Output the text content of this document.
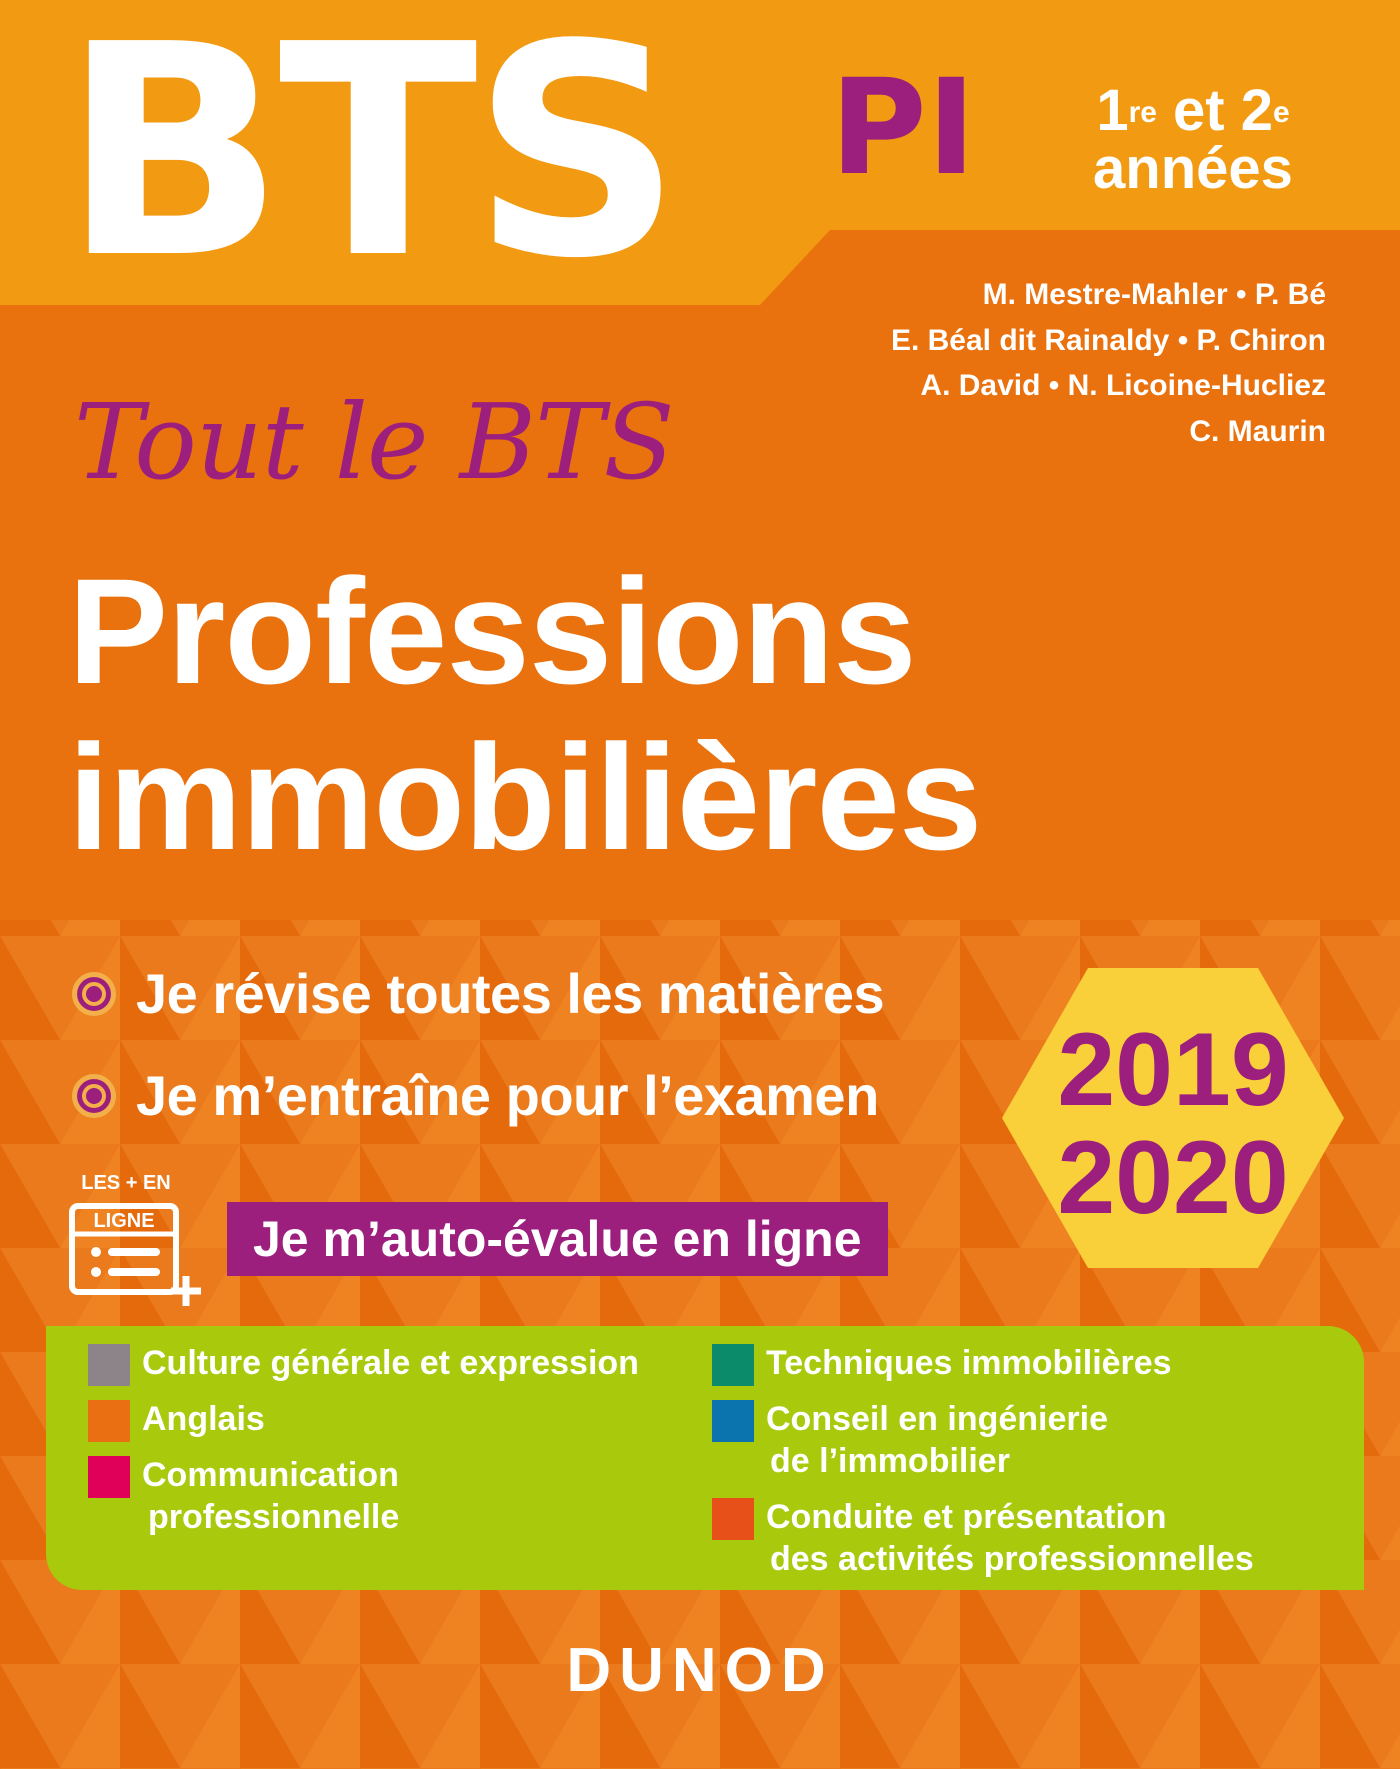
BTS PI	1re et 2e
années
M. Mestre-Mahler • P. Bé
E. Béal dit Rainaldy • P. Chiron
A. David • N. Licoine-Hucliez
C. Maurin
Tout le BTS
Professions
immobilières
Je révise toutes les matières
Je m’entraîne pour l’examen
LES + EN
LIGNE	Je m’auto-évalue en ligne
2019
2020
Culture générale et expression
Anglais
Communication
professionnelle
Techniques immobilières
Conseil en ingénierie
de l’immobilier
Conduite et présentation
des activités professionnelles
DUNOD
